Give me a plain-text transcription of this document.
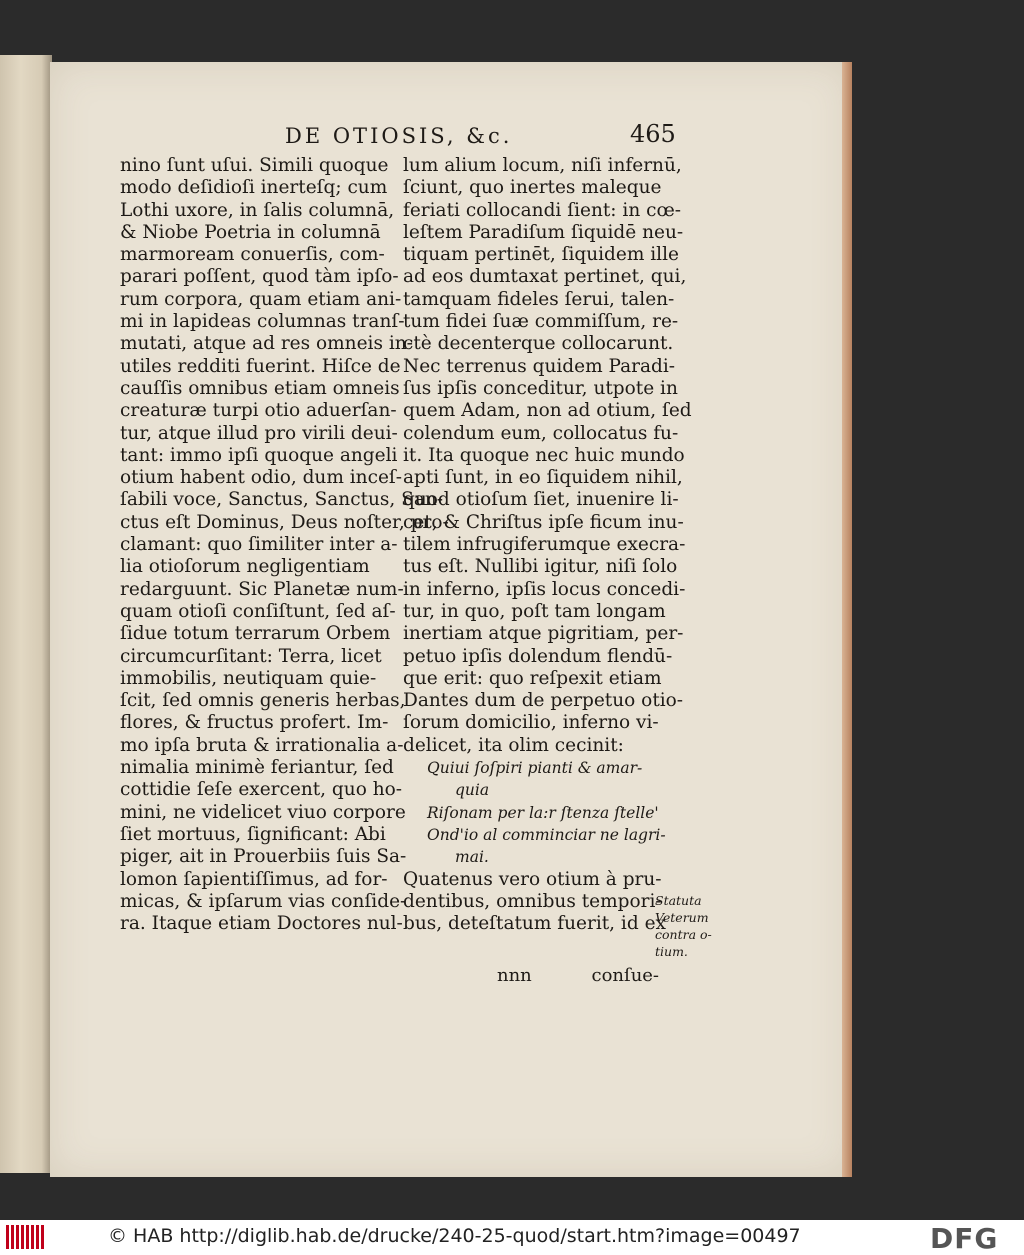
DE OTIOSIS, &c.	465
nino ſunt uſui. Simili quoque
modo deſidioſi inerteſq; cum
Lothi uxore, in ſalis columnā,
& Niobe Poetria in columnā
marmoream conuerſis, com-
parari poſſent, quod tàm ipſo-
rum corpora, quam etiam ani-
mi in lapideas columnas tranſ-
mutati, atque ad res omneis in-
utiles redditi fuerint. Hiſce de
cauſſis omnibus etiam omneis
creaturæ turpi otio aduerſan-
tur, atque illud pro virili deui-
tant: immo ipſi quoque angeli
otium habent odio, dum inceſ-
ſabili voce, Sanctus, Sanctus, San-
ctus eſt Dominus, Deus noſter, pro-
clamant: quo ſimiliter inter a-
lia otioſorum negligentiam
redarguunt. Sic Planetæ num-
quam otioſi conſiſtunt, ſed aſ-
ſidue totum terrarum Orbem
circumcurſitant: Terra, licet
immobilis, neutiquam quie-
ſcit, ſed omnis generis herbas,
flores, & fructus profert. Im-
mo ipſa bruta & irrationalia a-
nimalia minimè feriantur, ſed
cottidie ſeſe exercent, quo ho-
mini, ne videlicet viuo corpore
ſiet mortuus, ſignificant: Abi
piger, ait in Prouerbiis ſuis Sa-
lomon ſapientiſſimus, ad for-
micas, & ipſarum vias conſide-
ra. Itaque etiam Doctores nul-
lum alium locum, niſi infernū,
ſciunt, quo inertes maleque
feriati collocandi ſient: in cœ-
leſtem Paradiſum ſiquidē neu-
tiquam pertinēt, ſiquidem ille
ad eos dumtaxat pertinet, qui,
tamquam fideles ſerui, talen-
tum fidei ſuæ commiſſum, re-
ctè decenterque collocarunt.
Nec terrenus quidem Paradi-
ſus ipſis conceditur, utpote in
quem Adam, non ad otium, ſed
colendum eum, collocatus fu-
it. Ita quoque nec huic mundo
apti ſunt, in eo ſiquidem nihil,
quod otioſum ſiet, inuenire li-
cet, & Chriſtus ipſe ficum inu-
tilem infrugiferumque execra-
tus eſt. Nullibi igitur, niſi ſolo
in inferno, ipſis locus concedi-
tur, in quo, poſt tam longam
inertiam atque pigritiam, per-
petuo ipſis dolendum flendū-
que erit: quo reſpexit etiam
Dantes dum de perpetuo otio-
ſorum domicilio, inferno vi-
delicet, ita olim cecinit:
Quiui ſoſpiri pianti & amar-
quia
Riſonam per la:r ſtenza ſtelle'
Ond'io al comminciar ne lagri-
mai.
Quatenus vero otium à pru-
dentibus, omnibus tempori-
bus, deteſtatum fuerit, id ex
Statuta
Veterum
contra o-
tium.
nnn	conſue-
© HAB http://diglib.hab.de/drucke/240-25-quod/start.htm?image=00497	DFG
